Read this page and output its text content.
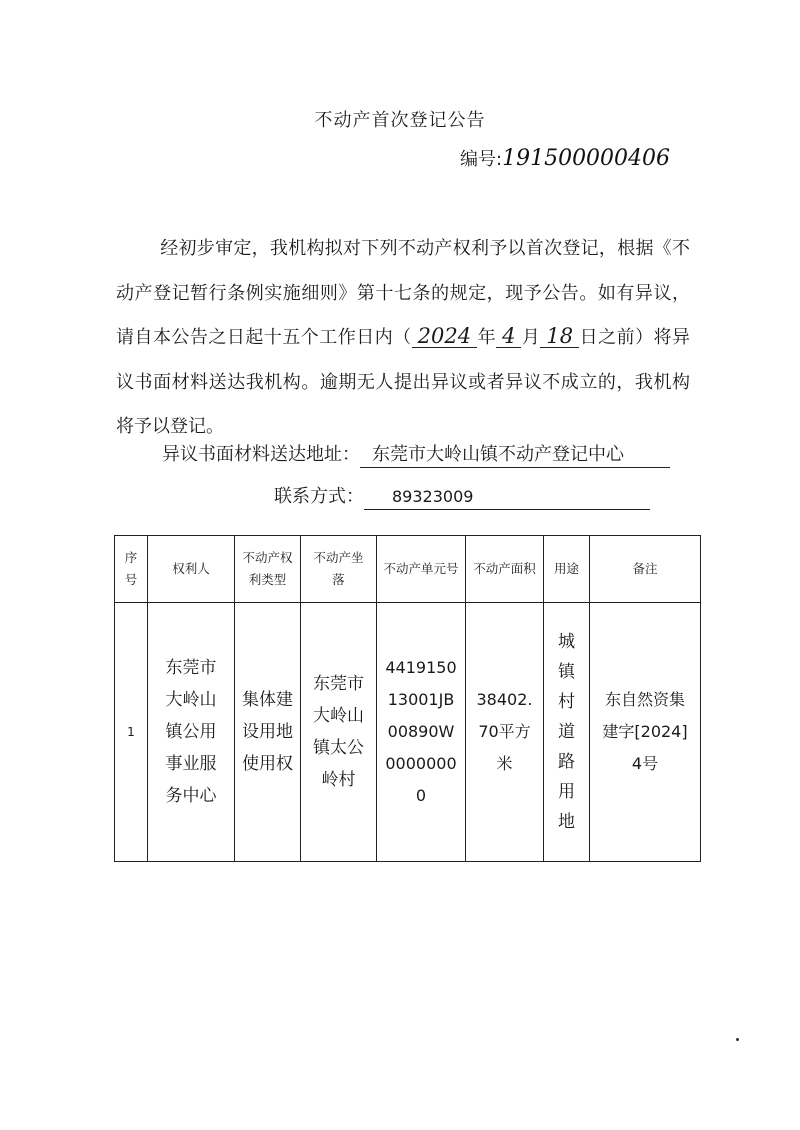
不动产首次登记公告
编号:191500000406
经初步审定，我机构拟对下列不动产权利予以首次登记，根据《不动产登记暂行条例实施细则》第十七条的规定，现予公告。如有异议，请自本公告之日起十五个工作日内（ 2024 年 4 月 18 日之前）将异议书面材料送达我机构。逾期无人提出异议或者异议不成立的，我机构将予以登记。
异议书面材料送达地址： 东莞市大岭山镇不动产登记中心
联系方式： 89323009
序号	权利人	不动产权利类型	不动产坐落	不动产单元号	不动产面积	用途	备注
1	东莞市大岭山镇公用事业服务中心	集体建设用地使用权	东莞市大岭山镇太公岭村	441915013001JB00890W00000000	38402.70平方米	城镇村道路用地	东自然资集建字[2024]4号
